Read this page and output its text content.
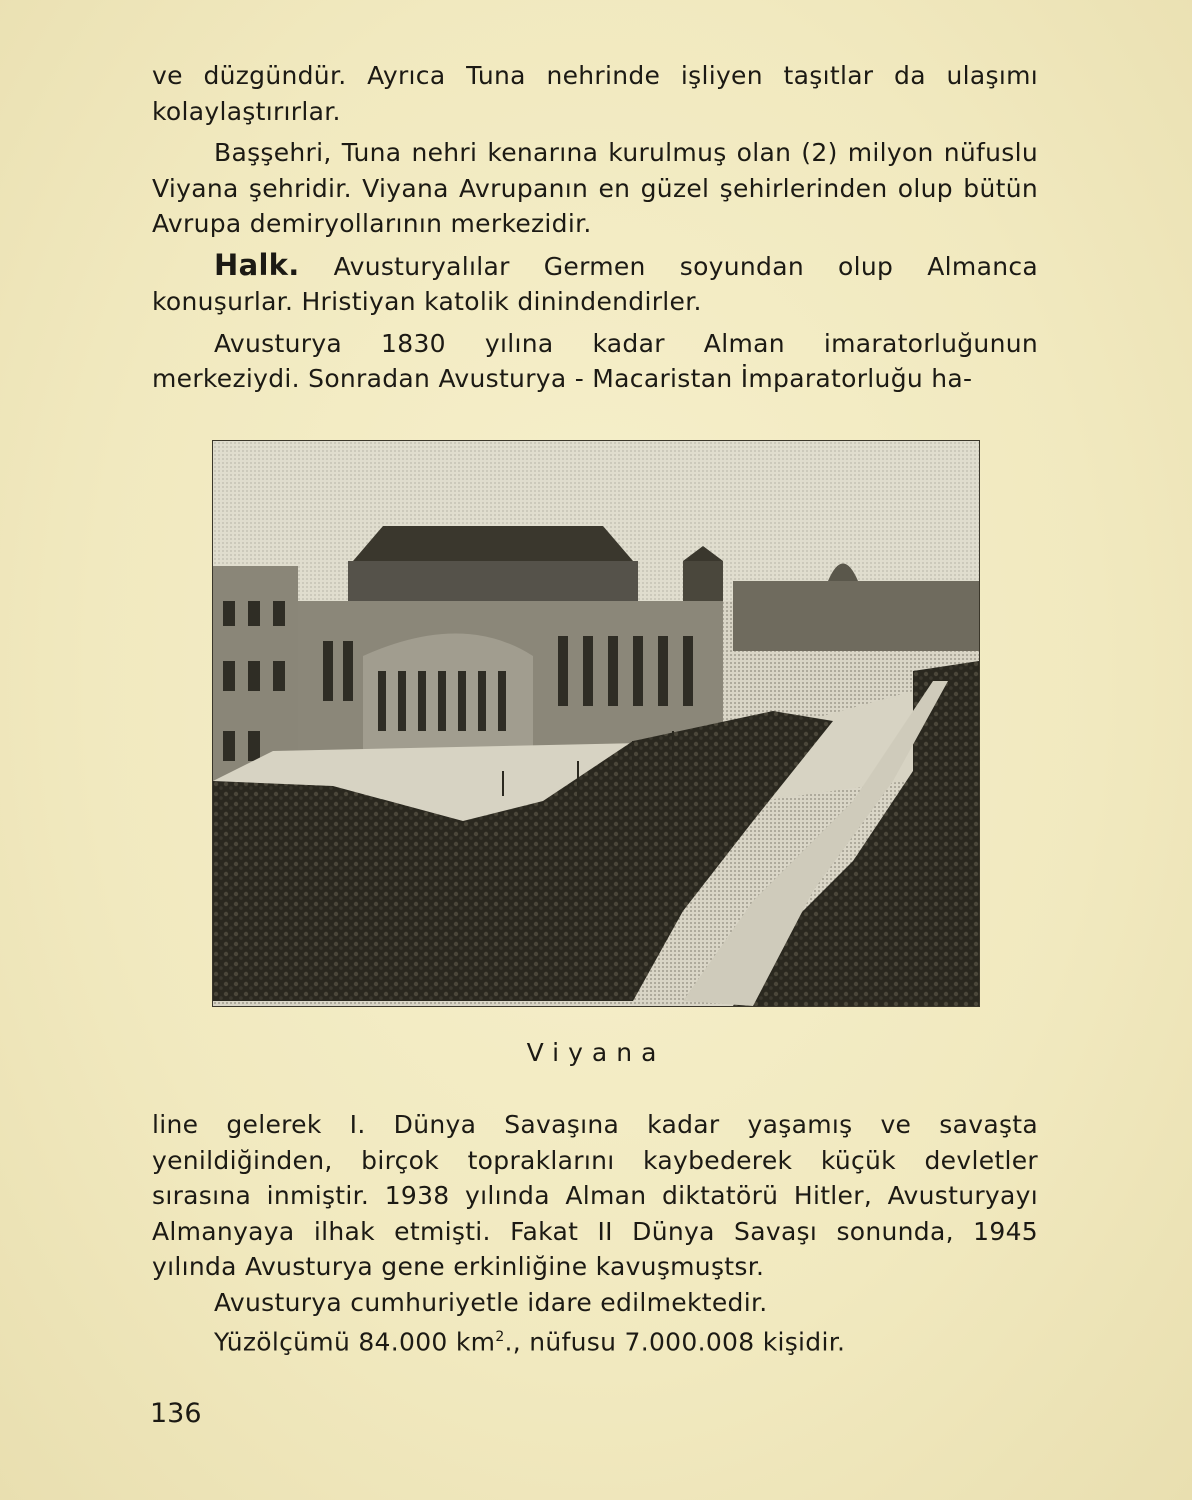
ve düzgündür. Ayrıca Tuna nehrinde işliyen taşıtlar da ulaşımı kolaylaştırırlar.

Başşehri, Tuna nehri kenarına kurulmuş olan (2) milyon nüfuslu Viyana şehridir. Viyana Avrupanın en güzel şehirlerinden olup bütün Avrupa demiryollarının merkezidir.

Halk. Avusturyalılar Germen soyundan olup Almanca konuşurlar. Hristiyan katolik dinindendirler.

Avusturya 1830 yılına kadar Alman imaratorluğunun merkeziydi. Sonradan Avusturya - Macaristan İmparatorluğu ha-

Viyana

line gelerek I. Dünya Savaşına kadar yaşamış ve savaşta yenildiğinden, birçok topraklarını kaybederek küçük devletler sırasına inmiştir. 1938 yılında Alman diktatörü Hitler, Avusturyayı Almanyaya ilhak etmişti. Fakat II Dünya Savaşı sonunda, 1945 yılında Avusturya gene erkinliğine kavuşmuştsr.

Avusturya cumhuriyetle idare edilmektedir.

Yüzölçümü 84.000 $km^2$., nüfusu 7.000.008 kişidir.

136
